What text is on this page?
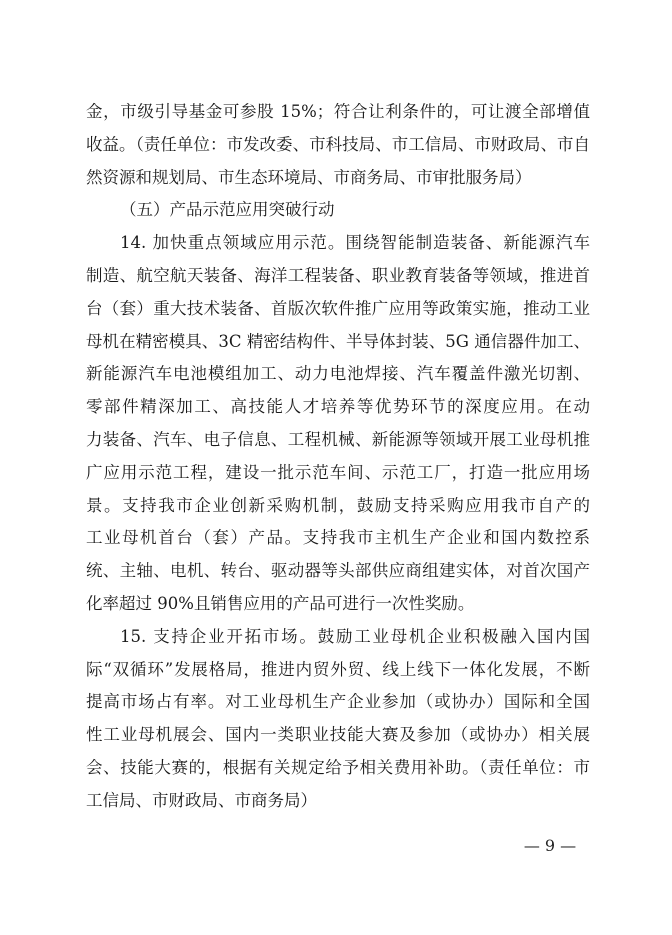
金，市级引导基金可参股 15%；符合让利条件的，可让渡全部增值
收益。（责任单位：市发改委、市科技局、市工信局、市财政局、市自
然资源和规划局、市生态环境局、市商务局、市审批服务局）
（五）产品示范应用突破行动
14. 加快重点领域应用示范。围绕智能制造装备、新能源汽车
制造、航空航天装备、海洋工程装备、职业教育装备等领域，推进首
台（套）重大技术装备、首版次软件推广应用等政策实施，推动工业
母机在精密模具、3C 精密结构件、半导体封装、5G 通信器件加工、
新能源汽车电池模组加工、动力电池焊接、汽车覆盖件激光切割、
零部件精深加工、高技能人才培养等优势环节的深度应用。在动
力装备、汽车、电子信息、工程机械、新能源等领域开展工业母机推
广应用示范工程，建设一批示范车间、示范工厂，打造一批应用场
景。支持我市企业创新采购机制，鼓励支持采购应用我市自产的
工业母机首台（套）产品。支持我市主机生产企业和国内数控系
统、主轴、电机、转台、驱动器等头部供应商组建实体，对首次国产
化率超过 90%且销售应用的产品可进行一次性奖励。
15. 支持企业开拓市场。鼓励工业母机企业积极融入国内国
际“双循环”发展格局，推进内贸外贸、线上线下一体化发展，不断
提高市场占有率。对工业母机生产企业参加（或协办）国际和全国
性工业母机展会、国内一类职业技能大赛及参加（或协办）相关展
会、技能大赛的，根据有关规定给予相关费用补助。（责任单位：市
工信局、市财政局、市商务局）
— 9 —
